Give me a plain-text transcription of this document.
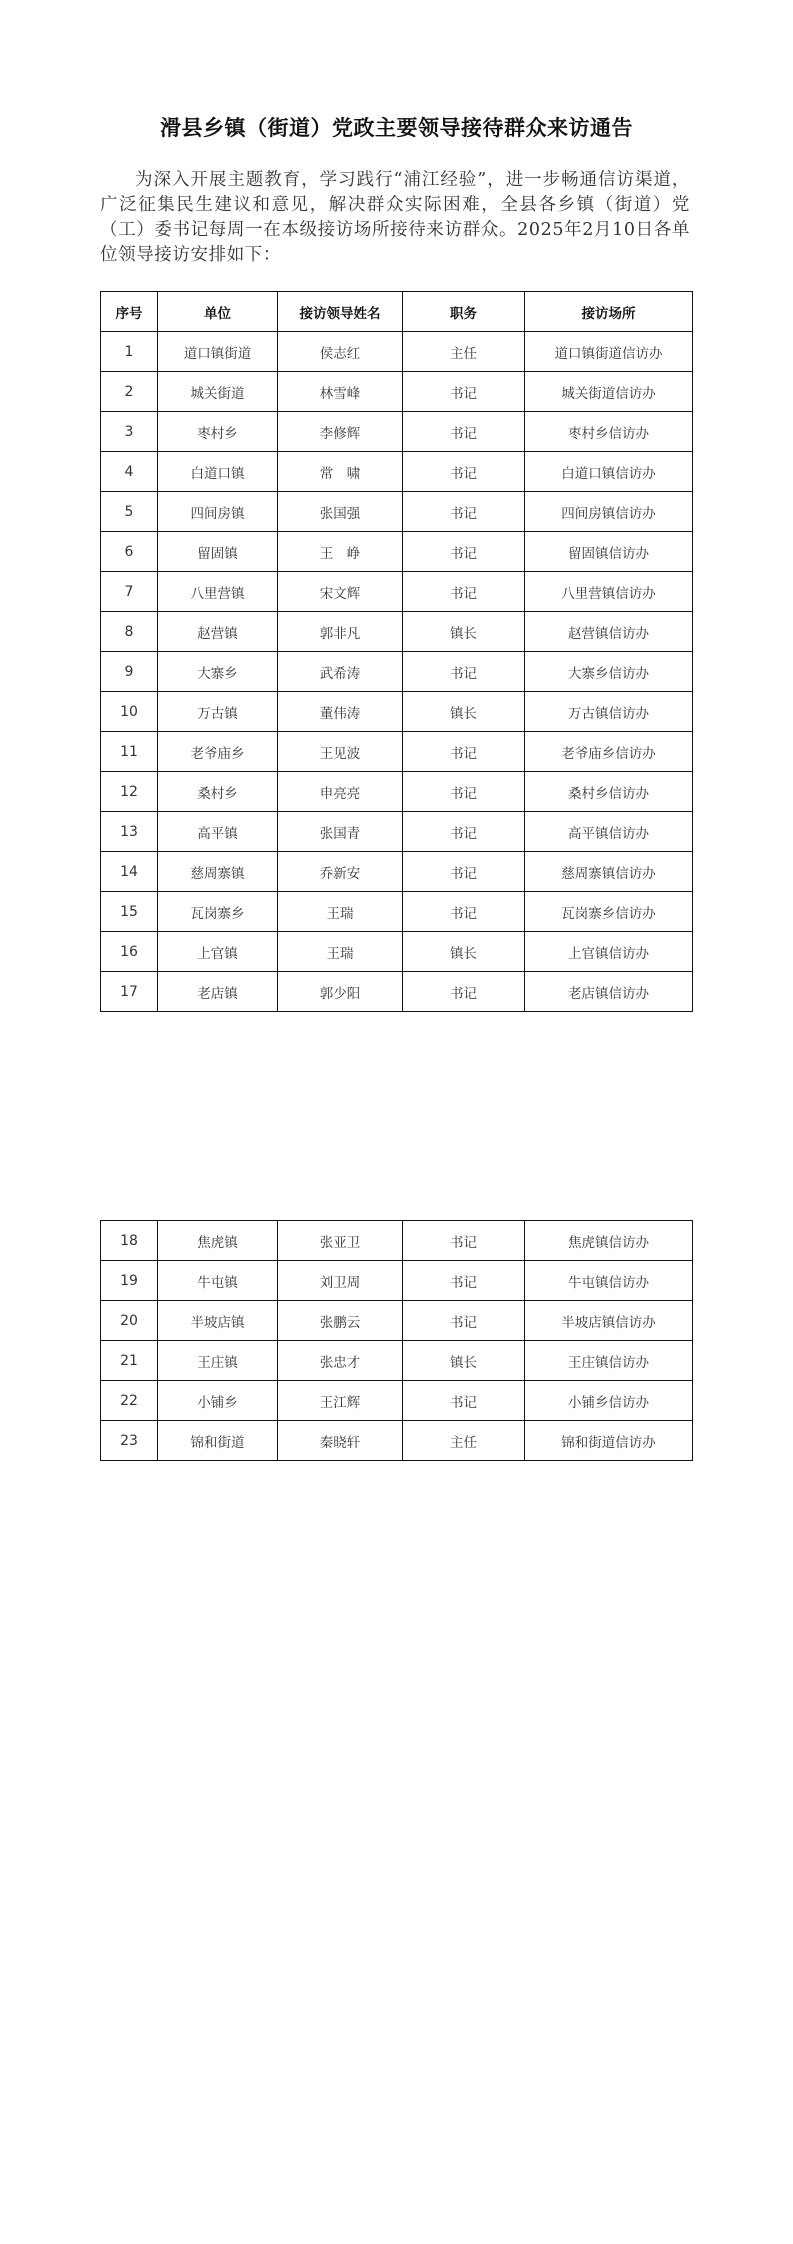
滑县乡镇（街道）党政主要领导接待群众来访通告
为深入开展主题教育，学习践行“浦江经验”，进一步畅通信访渠道，广泛征集民生建议和意见，解决群众实际困难，全县各乡镇（街道）党（工）委书记每周一在本级接访场所接待来访群众。2025年2月10日各单位领导接访安排如下：
序号	单位	接访领导姓名	职务	接访场所
1	道口镇街道	侯志红	主任	道口镇街道信访办
2	城关街道	林雪峰	书记	城关街道信访办
3	枣村乡	李修辉	书记	枣村乡信访办
4	白道口镇	常　啸	书记	白道口镇信访办
5	四间房镇	张国强	书记	四间房镇信访办
6	留固镇	王　峥	书记	留固镇信访办
7	八里营镇	宋文辉	书记	八里营镇信访办
8	赵营镇	郭非凡	镇长	赵营镇信访办
9	大寨乡	武希涛	书记	大寨乡信访办
10	万古镇	董伟涛	镇长	万古镇信访办
11	老爷庙乡	王见波	书记	老爷庙乡信访办
12	桑村乡	申亮亮	书记	桑村乡信访办
13	高平镇	张国青	书记	高平镇信访办
14	慈周寨镇	乔新安	书记	慈周寨镇信访办
15	瓦岗寨乡	王瑞	书记	瓦岗寨乡信访办
16	上官镇	王瑞	镇长	上官镇信访办
17	老店镇	郭少阳	书记	老店镇信访办
18	焦虎镇	张亚卫	书记	焦虎镇信访办
19	牛屯镇	刘卫周	书记	牛屯镇信访办
20	半坡店镇	张鹏云	书记	半坡店镇信访办
21	王庄镇	张忠才	镇长	王庄镇信访办
22	小铺乡	王江辉	书记	小铺乡信访办
23	锦和街道	秦晓轩	主任	锦和街道信访办
